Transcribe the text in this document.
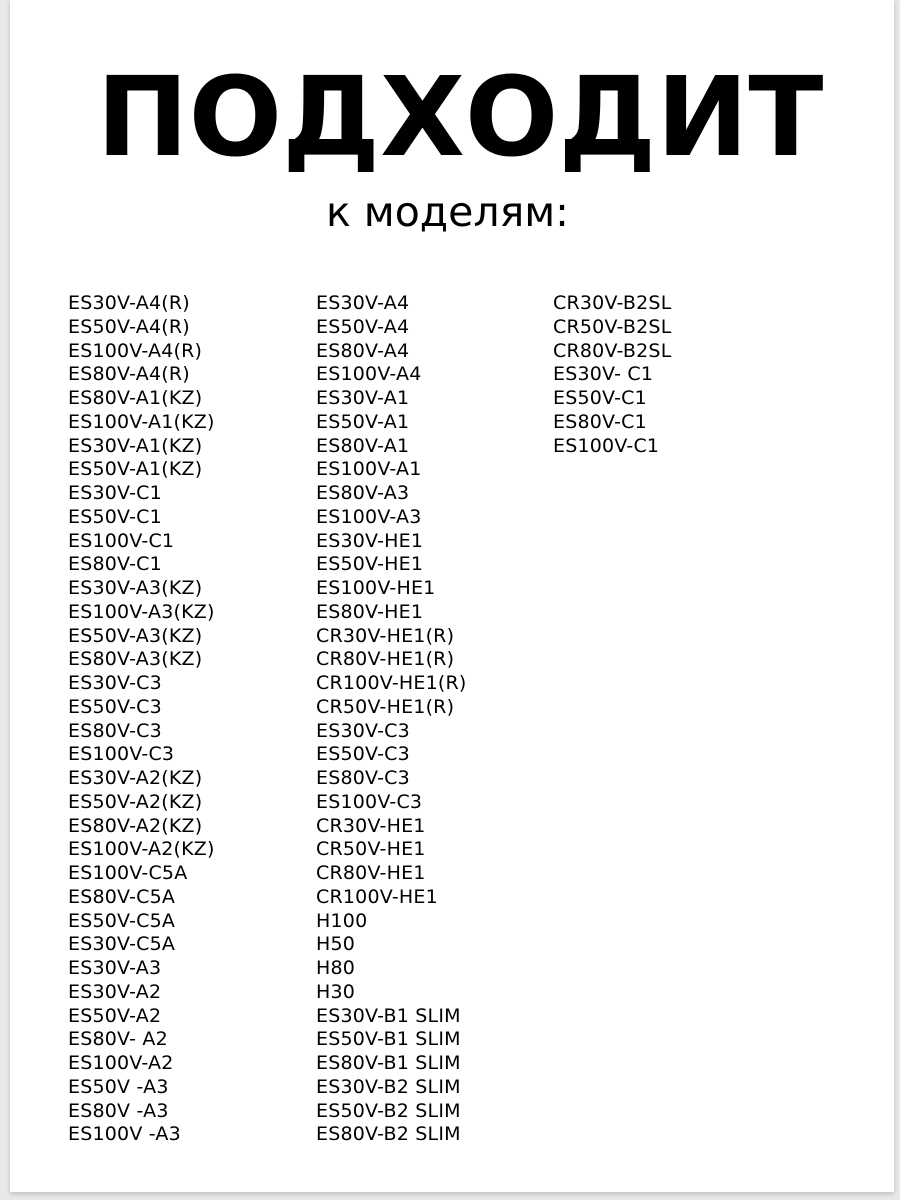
ПОДХОДИТ
к моделям:
ES30V-A4(R)
ES50V-A4(R)
ES100V-A4(R)
ES80V-A4(R)
ES80V-A1(KZ)
ES100V-A1(KZ)
ES30V-A1(KZ)
ES50V-A1(KZ)
ES30V-C1
ES50V-C1
ES100V-C1
ES80V-C1
ES30V-A3(KZ)
ES100V-A3(KZ)
ES50V-A3(KZ)
ES80V-A3(KZ)
ES30V-C3
ES50V-C3
ES80V-C3
ES100V-C3
ES30V-A2(KZ)
ES50V-A2(KZ)
ES80V-A2(KZ)
ES100V-A2(KZ)
ES100V-C5A
ES80V-C5A
ES50V-C5A
ES30V-C5A
ES30V-A3
ES30V-A2
ES50V-A2
ES80V- A2
ES100V-A2
ES50V -A3
ES80V -A3
ES100V -A3
ES30V-A4
ES50V-A4
ES80V-A4
ES100V-A4
ES30V-A1
ES50V-A1
ES80V-A1
ES100V-A1
ES80V-A3
ES100V-A3
ES30V-HE1
ES50V-HE1
ES100V-HE1
ES80V-HE1
CR30V-HE1(R)
CR80V-HE1(R)
CR100V-HE1(R)
CR50V-HE1(R)
ES30V-C3
ES50V-C3
ES80V-C3
ES100V-C3
CR30V-HE1
CR50V-HE1
CR80V-HE1
CR100V-HE1
H100
H50
H80
H30
ES30V-B1 SLIM
ES50V-B1 SLIM
ES80V-B1 SLIM
ES30V-B2 SLIM
ES50V-B2 SLIM
ES80V-B2 SLIM
CR30V-B2SL
CR50V-B2SL
CR80V-B2SL
ES30V- C1
ES50V-C1
ES80V-C1
ES100V-C1
